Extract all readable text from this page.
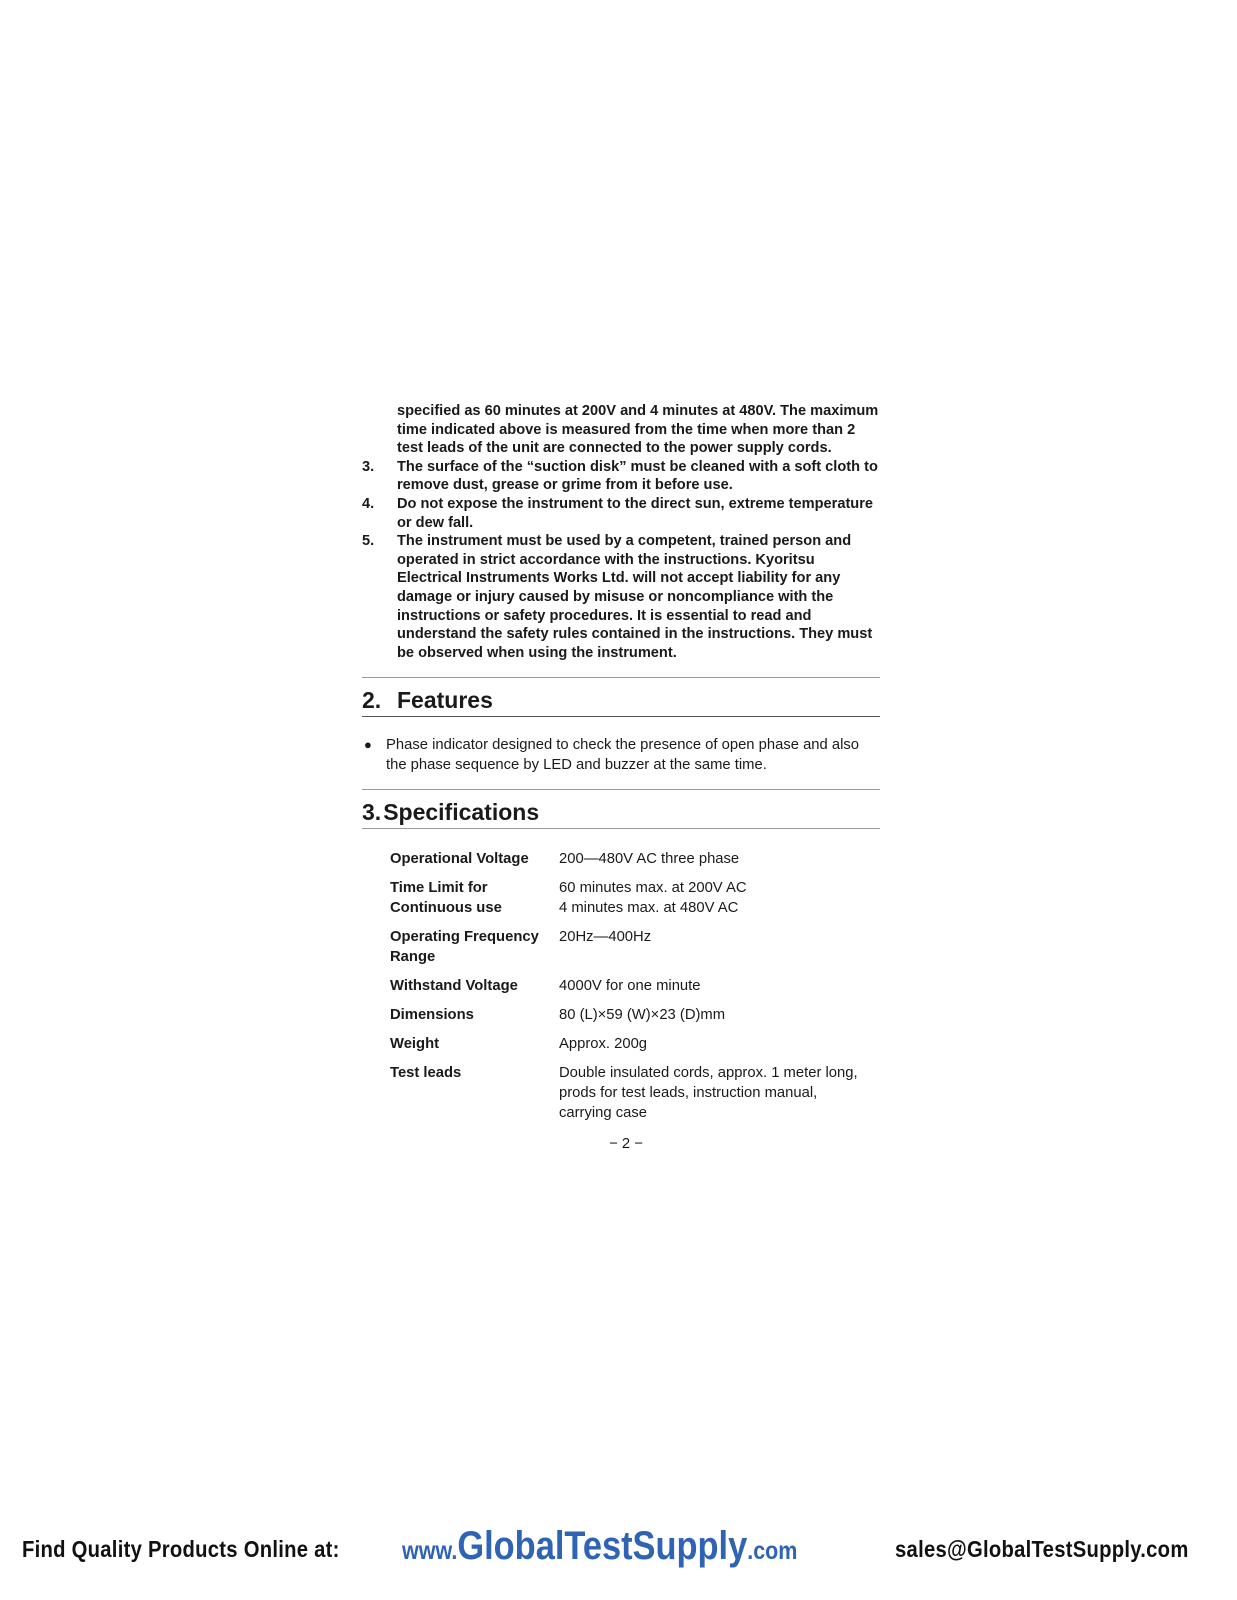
specified as 60 minutes at 200V and 4 minutes at 480V. The maximum time indicated above is measured from the time when more than 2 test leads of the unit are connected to the power supply cords.
3.	The surface of the “suction disk” must be cleaned with a soft cloth to remove dust, grease or grime from it before use.
4.	Do not expose the instrument to the direct sun, extreme temperature or dew fall.
5.	The instrument must be used by a competent, trained person and operated in strict accordance with the instructions. Kyoritsu Electrical Instruments Works Ltd. will not accept liability for any damage or injury caused by misuse or noncompliance with the instructions or safety procedures. It is essential to read and understand the safety rules contained in the instructions. They must be observed when using the instrument.
2. Features
● Phase indicator designed to check the presence of open phase and also the phase sequence by LED and buzzer at the same time.
3.Specifications
Operational Voltage	200—480V AC three phase
Time Limit for Continuous use	60 minutes max. at 200V AC
4 minutes max. at 480V AC
Operating Frequency Range	20Hz—400Hz
Withstand Voltage	4000V for one minute
Dimensions	80 (L)×59 (W)×23 (D)mm
Weight	Approx. 200g
Test leads	Double insulated cords, approx. 1 meter long, prods for test leads, instruction manual, carrying case
− 2 −
Find Quality Products Online at: www.GlobalTestSupply.com	sales@GlobalTestSupply.com
